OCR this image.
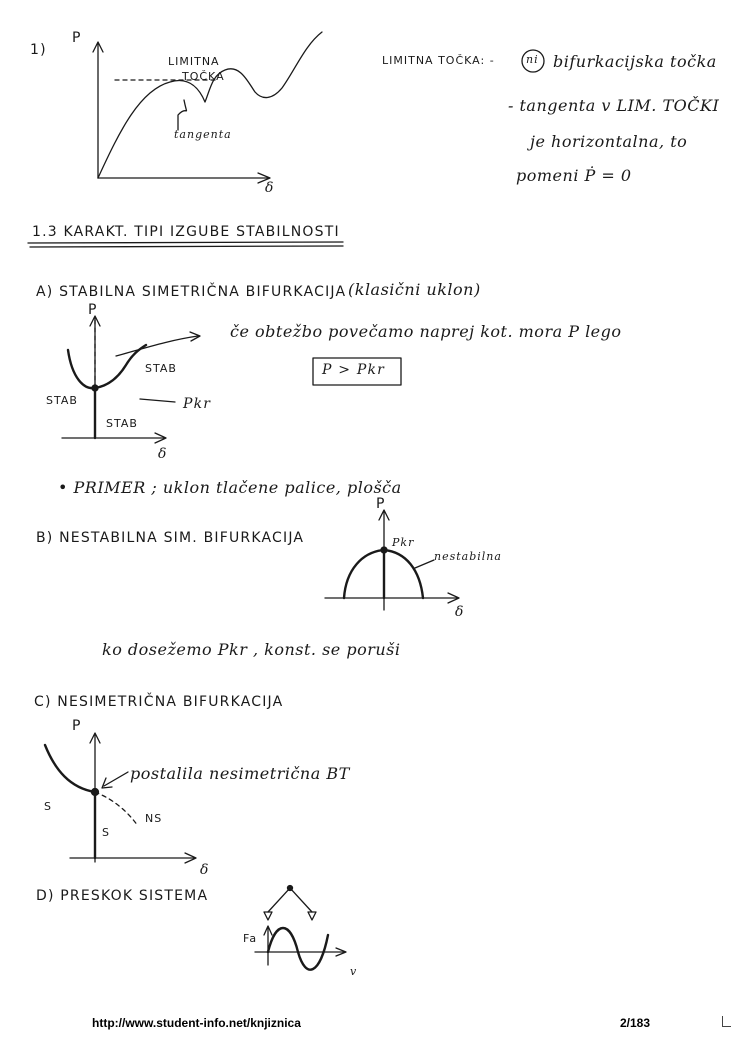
1)
P
δ
LIMITNA
TOČKA
tangenta
LIMITNA TOČKA: -	ni bifurkacijska točka
- tangenta v LIM. TOČKI
je horizontalna, to
pomeni Ṗ = 0
1.3 KARAKT. TIPI IZGUBE STABILNOSTI
A) STABILNA SIMETRIČNA BIFURKACIJA (klasični uklon)
P
δ
STAB
STAB
STAB
Pkr
če obtežbo povečamo naprej kot. mora P lego
P > Pkr
• PRIMER ; uklon tlačene palice, plošča
B) NESTABILNA SIM. BIFURKACIJA
P
δ
Pkr
nestabilna
ko dosežemo Pkr , konst. se poruši
C) NESIMETRIČNA BIFURKACIJA
P
δ
S
S
NS
postalila nesimetrična BT
D) PRESKOK SISTEMA
Fa
v
http://www.student-info.net/knjiznica	2/183
